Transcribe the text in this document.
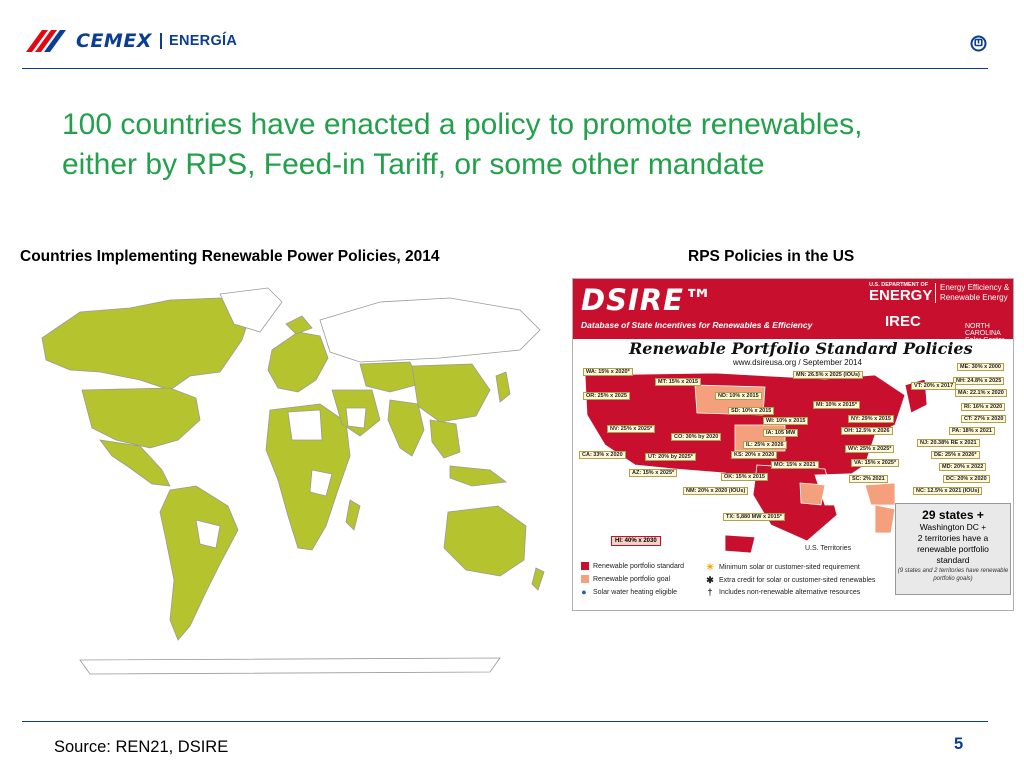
CEMEX ENERGÍA
100 countries have enacted a policy to promote renewables,
either by RPS, Feed-in Tariff, or some other mandate
Countries Implementing Renewable Power Policies, 2014	RPS Policies in the US
DSIRE™
Database of State Incentives for Renewables & Efficiency
U.S. DEPARTMENT OF
ENERGY Energy Efficiency & Renewable Energy
IREC	NORTH CAROLINA Solar Center
Renewable Portfolio Standard Policies
www.dsireusa.org / September 2014
WA: 15% x 2020*
MT: 15% x 2015
MN: 26.5% x 2025 (IOUs)
ME: 30% x 2000
NH: 24.8% x 2025
MA: 22.1% x 2020
OR: 25% x 2025	ND: 10% x 2015
SD: 10% x 2015
MI: 10% x 2015*	RI: 16% x 2020
CT: 27% x 2020
WI: 10% x 2015	NY: 29% x 2015
PA: 18% x 2021
NV: 25% x 2025*
IA: 105 MW	OH: 12.5% x 2026
NJ: 20.38% RE x 2021
CO: 30% by 2020
IL: 25% x 2026
VT: 20% x 2017
CA: 33% x 2020	UT: 20% by 2025*	KS: 20% x 2020
WV: 25% x 2025*
DE: 25% x 2026*
MO: 15% x 2021	VA: 15% x 2025*
MD: 20% x 2022
AZ: 15% x 2025*
OK: 15% x 2015	SC: 2% 2021	DC: 20% x 2020
NM: 20% x 2020 (IOUs)	NC: 12.5% x 2021 (IOUs)
TX: 5,880 MW x 2015*
HI: 40% x 2030
29 states +
Washington DC +
2 territories have a
renewable portfolio
standard
(9 states and 2 territories have renewable portfolio goals)
U.S. Territories
Renewable portfolio standard
Renewable portfolio goal
● Solar water heating eligible
☀ Minimum solar or customer-sited requirement
✱ Extra credit for solar or customer-sited renewables
† Includes non-renewable alternative resources
Source: REN21, DSIRE	5
